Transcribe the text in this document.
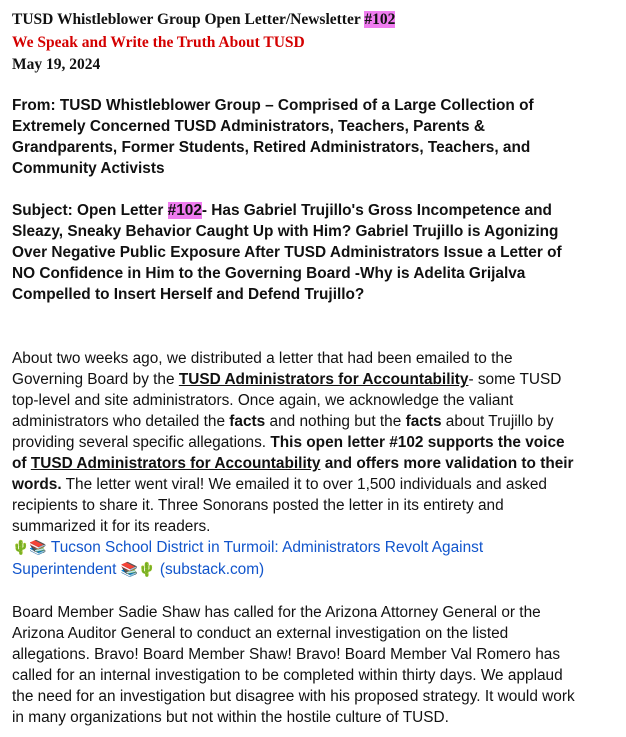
TUSD Whistleblower Group Open Letter/Newsletter #102
We Speak and Write the Truth About TUSD
May 19, 2024
From: TUSD Whistleblower Group – Comprised of a Large Collection of
Extremely Concerned TUSD Administrators, Teachers, Parents &
Grandparents, Former Students, Retired Administrators, Teachers, and
Community Activists
Subject: Open Letter #102- Has Gabriel Trujillo's Gross Incompetence and
Sleazy, Sneaky Behavior Caught Up with Him? Gabriel Trujillo is Agonizing
Over Negative Public Exposure After TUSD Administrators Issue a Letter of
NO Confidence in Him to the Governing Board -Why is Adelita Grijalva
Compelled to Insert Herself and Defend Trujillo?
About two weeks ago, we distributed a letter that had been emailed to the
Governing Board by the TUSD Administrators for Accountability- some TUSD
top-level and site administrators. Once again, we acknowledge the valiant
administrators who detailed the facts and nothing but the facts about Trujillo by
providing several specific allegations. This open letter #102 supports the voice
of TUSD Administrators for Accountability and offers more validation to their
words. The letter went viral! We emailed it to over 1,500 individuals and asked
recipients to share it. Three Sonorans posted the letter in its entirety and
summarized it for its readers.
🌵📚 Tucson School District in Turmoil: Administrators Revolt Against
Superintendent 📚🌵 (substack.com)
Board Member Sadie Shaw has called for the Arizona Attorney General or the
Arizona Auditor General to conduct an external investigation on the listed
allegations. Bravo! Board Member Shaw! Bravo! Board Member Val Romero has
called for an internal investigation to be completed within thirty days. We applaud
the need for an investigation but disagree with his proposed strategy. It would work
in many organizations but not within the hostile culture of TUSD.
